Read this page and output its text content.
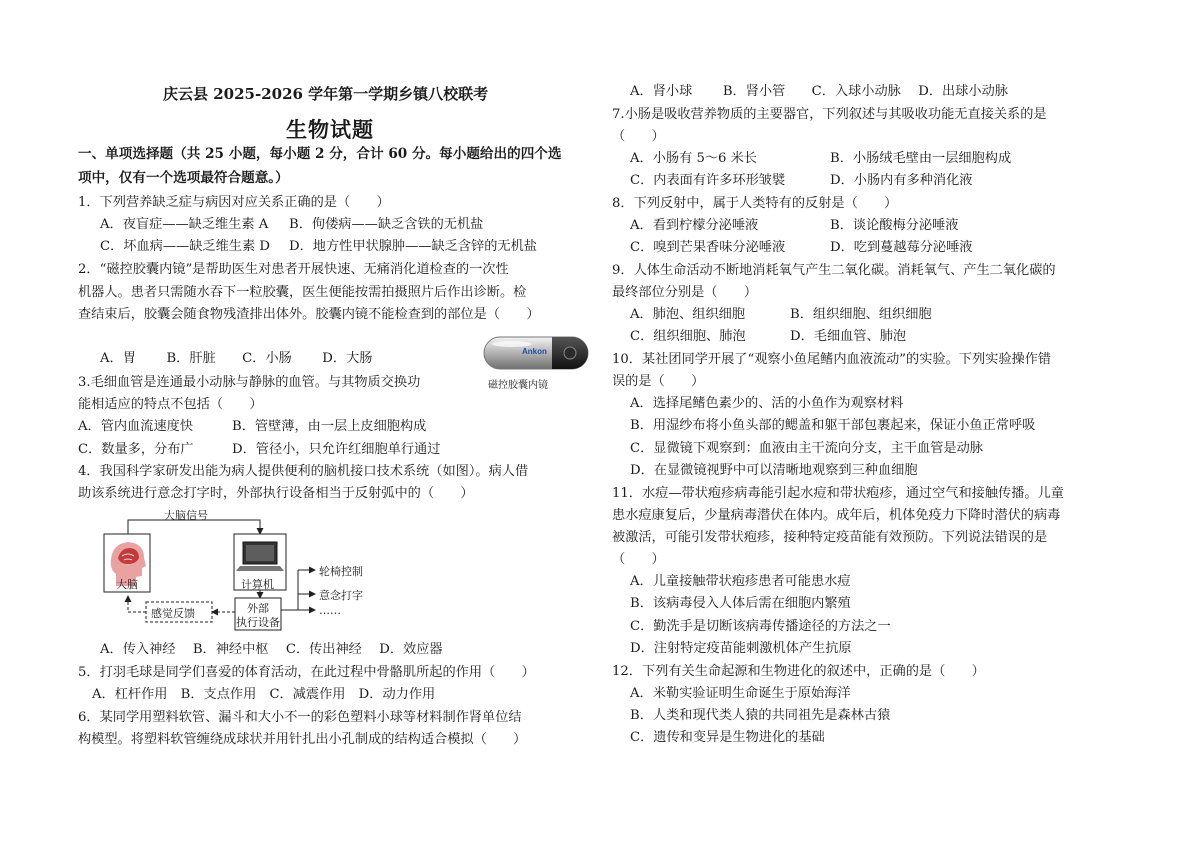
庆云县 2025-2026 学年第一学期乡镇八校联考
生物试题
一、单项选择题（共 25 小题，每小题 2 分，合计 60 分。每小题给出的四个选
项中，仅有一个选项最符合题意。）
1．下列营养缺乏症与病因对应关系正确的是（　　）
A．夜盲症——缺乏维生素 A B．佝偻病——缺乏含铁的无机盐
C．坏血病——缺乏维生素 D D．地方性甲状腺肿——缺乏含锌的无机盐
2．“磁控胶囊内镜”是帮助医生对患者开展快速、无痛消化道检查的一次性
机器人。患者只需随水吞下一粒胶囊，医生便能按需拍摄照片后作出诊断。检
查结束后，胶囊会随食物残渣排出体外。胶囊内镜不能检查到的部位是（　　）
A．胃　　 B．肝脏　　C．小肠　　 D．大肠
3.毛细血管是连通最小动脉与静脉的血管。与其物质交换功
能相适应的特点不包括（　　）
A．管内血流速度快	B．管壁薄，由一层上皮细胞构成
C．数量多，分布广	D．管径小，只允许红细胞单行通过
4．我国科学家研发出能为病人提供便利的脑机接口技术系统（如图）。病人借
助该系统进行意念打字时，外部执行设备相当于反射弧中的（　　）
A．传入神经　 B．神经中枢　 C．传出神经　 D．效应器
5．打羽毛球是同学们喜爱的体育活动，在此过程中骨骼肌所起的作用（　　）
A．杠杆作用　B．支点作用　C．减震作用　D．动力作用
6．某同学用塑料软管、漏斗和大小不一的彩色塑料小球等材料制作肾单位结
构模型。将塑料软管缠绕成球状并用针扎出小孔制成的结构适合模拟（　　）
Ankon
磁控胶囊内镜
大脑信号
大脑	计算机
轮椅控制
意念打字
……
感觉反馈	外部
执行设备
A．肾小球　　 B．肾小管　　C．入球小动脉　 D．出球小动脉
7.小肠是吸收营养物质的主要器官，下列叙述与其吸收功能无直接关系的是
（　　）
A．小肠有 5～6 米长	B．小肠绒毛壁由一层细胞构成
C．内表面有许多环形皱襞	D．小肠内有多种消化液
8．下列反射中，属于人类特有的反射是（　　）
A．看到柠檬分泌唾液	B．谈论酸梅分泌唾液
C．嗅到芒果香味分泌唾液	D．吃到蔓越莓分泌唾液
9．人体生命活动不断地消耗氧气产生二氧化碳。消耗氧气、产生二氧化碳的
最终部位分别是（　　）
A．肺泡、组织细胞	B．组织细胞、组织细胞
C．组织细胞、肺泡	D．毛细血管、肺泡
10．某社团同学开展了“观察小鱼尾鳍内血液流动”的实验。下列实验操作错
误的是（　　）
A．选择尾鳍色素少的、活的小鱼作为观察材料
B．用湿纱布将小鱼头部的鳃盖和躯干部包裹起来，保证小鱼正常呼吸
C．显微镜下观察到：血液由主干流向分支，主干血管是动脉
D．在显微镜视野中可以清晰地观察到三种血细胞
11．水痘—带状疱疹病毒能引起水痘和带状疱疹，通过空气和接触传播。儿童
患水痘康复后，少量病毒潜伏在体内。成年后，机体免疫力下降时潜伏的病毒
被激活，可能引发带状疱疹，接种特定疫苗能有效预防。下列说法错误的是
（　　）
A．儿童接触带状疱疹患者可能患水痘
B．该病毒侵入人体后需在细胞内繁殖
C．勤洗手是切断该病毒传播途径的方法之一
D．注射特定疫苗能刺激机体产生抗原
12．下列有关生命起源和生物进化的叙述中，正确的是（　　）
A．米勒实验证明生命诞生于原始海洋
B．人类和现代类人猿的共同祖先是森林古猿
C．遗传和变异是生物进化的基础
